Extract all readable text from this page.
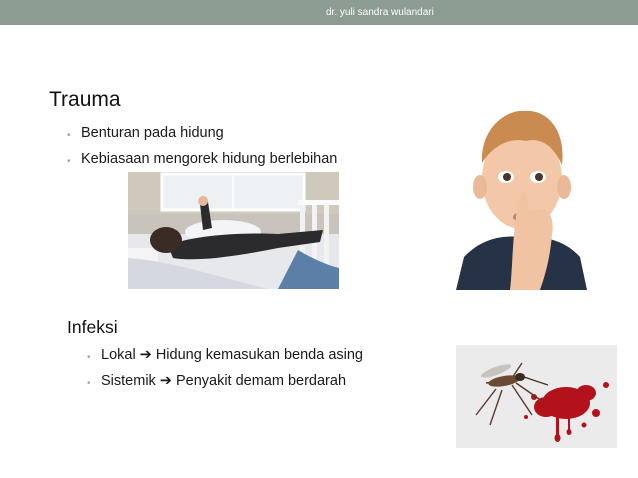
dr. yuli sandra wulandari
Trauma
• Benturan pada hidung
• Kebiasaan mengorek hidung berlebihan
Infeksi
• Lokal ➔ Hidung kemasukan benda asing
• Sistemik ➔ Penyakit demam berdarah
